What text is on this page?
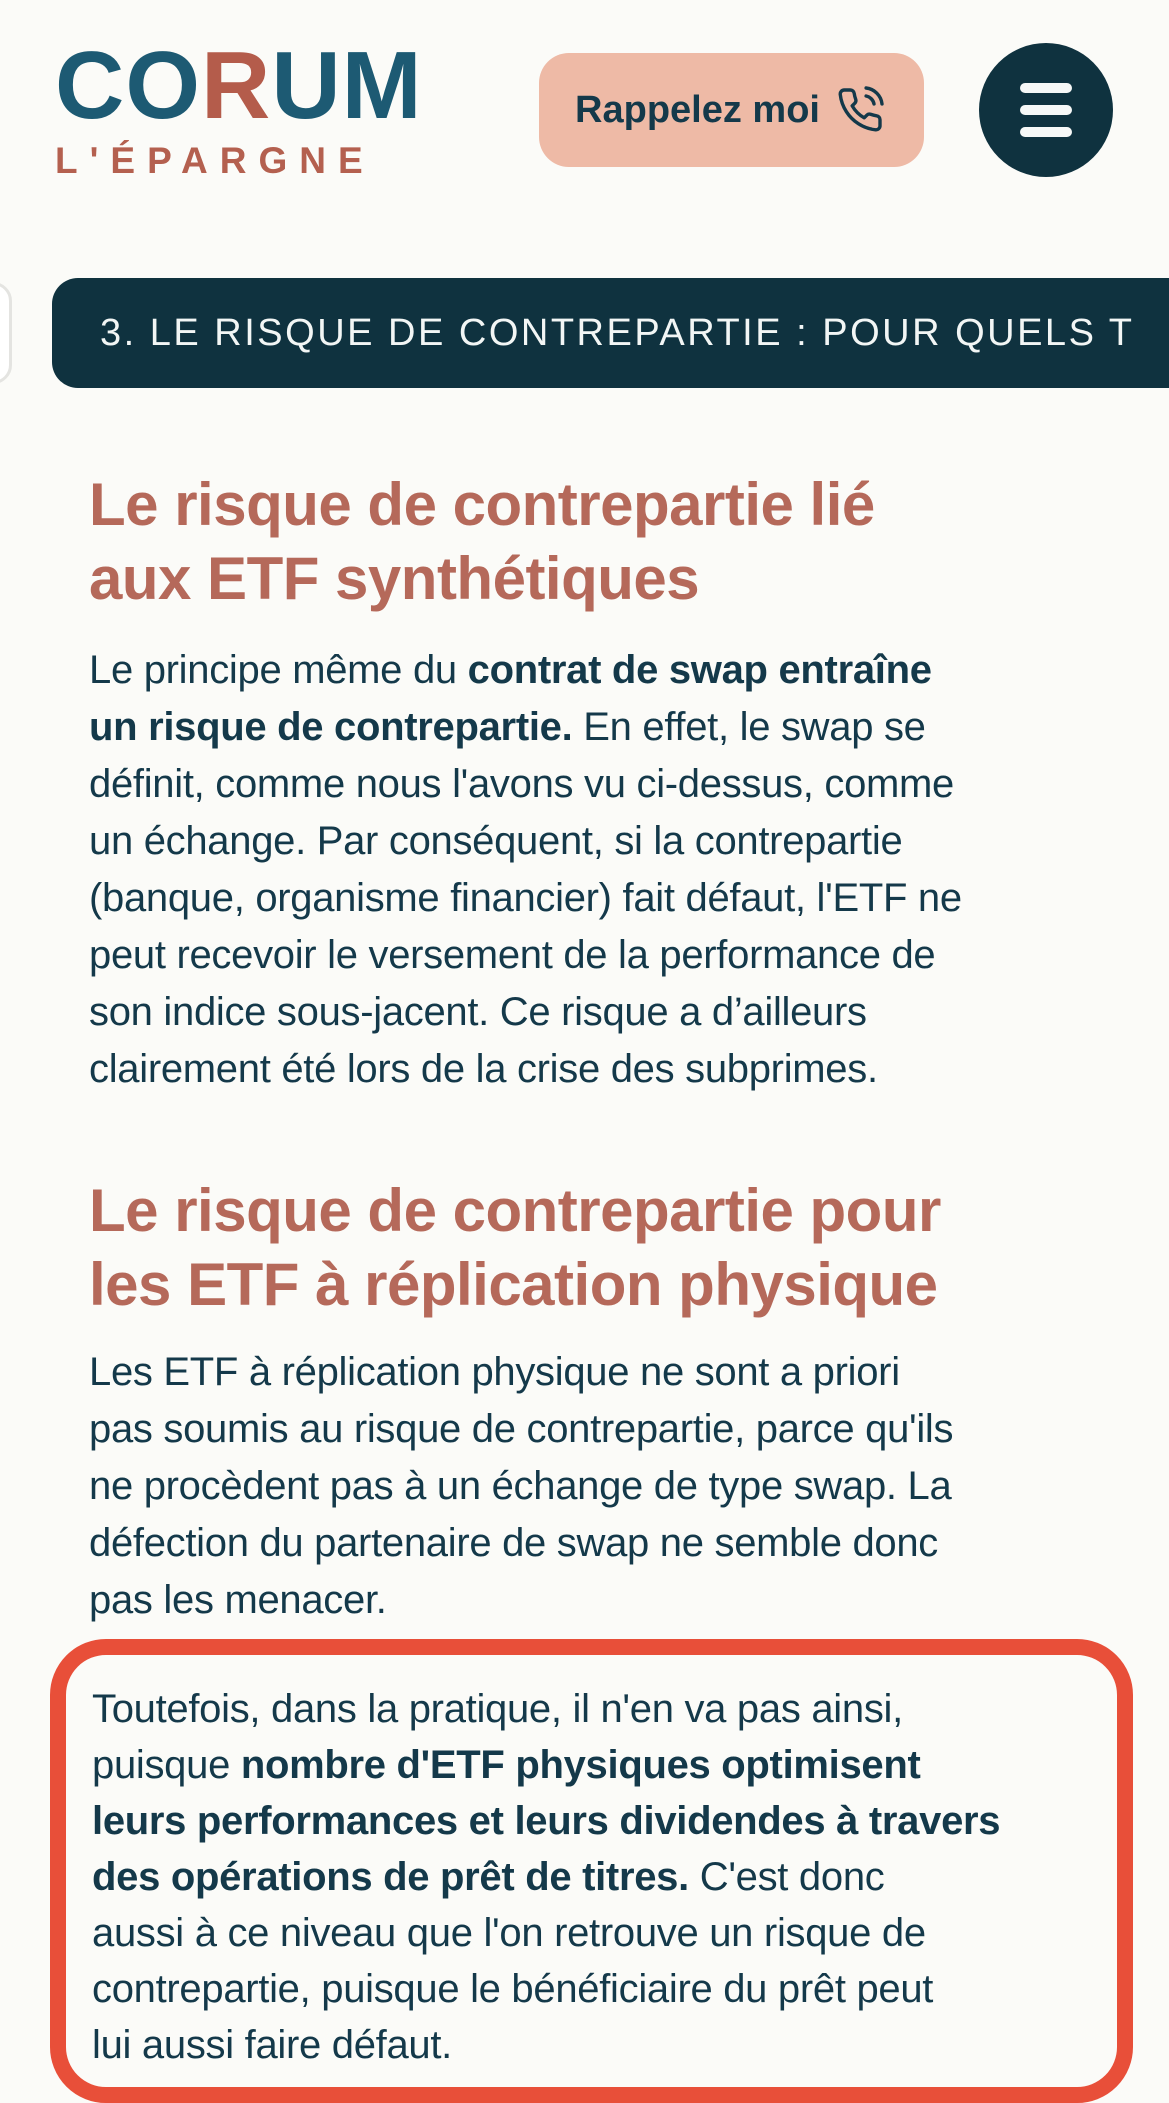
CORUM
L'ÉPARGNE
Rappelez moi
3. LE RISQUE DE CONTREPARTIE : POUR QUELS T
Le risque de contrepartie lié
aux ETF synthétiques

Le principe même du contrat de swap entraîne
un risque de contrepartie. En effet, le swap se
définit, comme nous l'avons vu ci-dessus, comme
un échange. Par conséquent, si la contrepartie
(banque, organisme financier) fait défaut, l'ETF ne
peut recevoir le versement de la performance de
son indice sous-jacent. Ce risque a d’ailleurs
clairement été lors de la crise des subprimes.

Le risque de contrepartie pour
les ETF à réplication physique

Les ETF à réplication physique ne sont a priori
pas soumis au risque de contrepartie, parce qu'ils
ne procèdent pas à un échange de type swap. La
défection du partenaire de swap ne semble donc
pas les menacer.

Toutefois, dans la pratique, il n'en va pas ainsi,
puisque nombre d'ETF physiques optimisent
leurs performances et leurs dividendes à travers
des opérations de prêt de titres. C'est donc
aussi à ce niveau que l'on retrouve un risque de
contrepartie, puisque le bénéficiaire du prêt peut
lui aussi faire défaut.
